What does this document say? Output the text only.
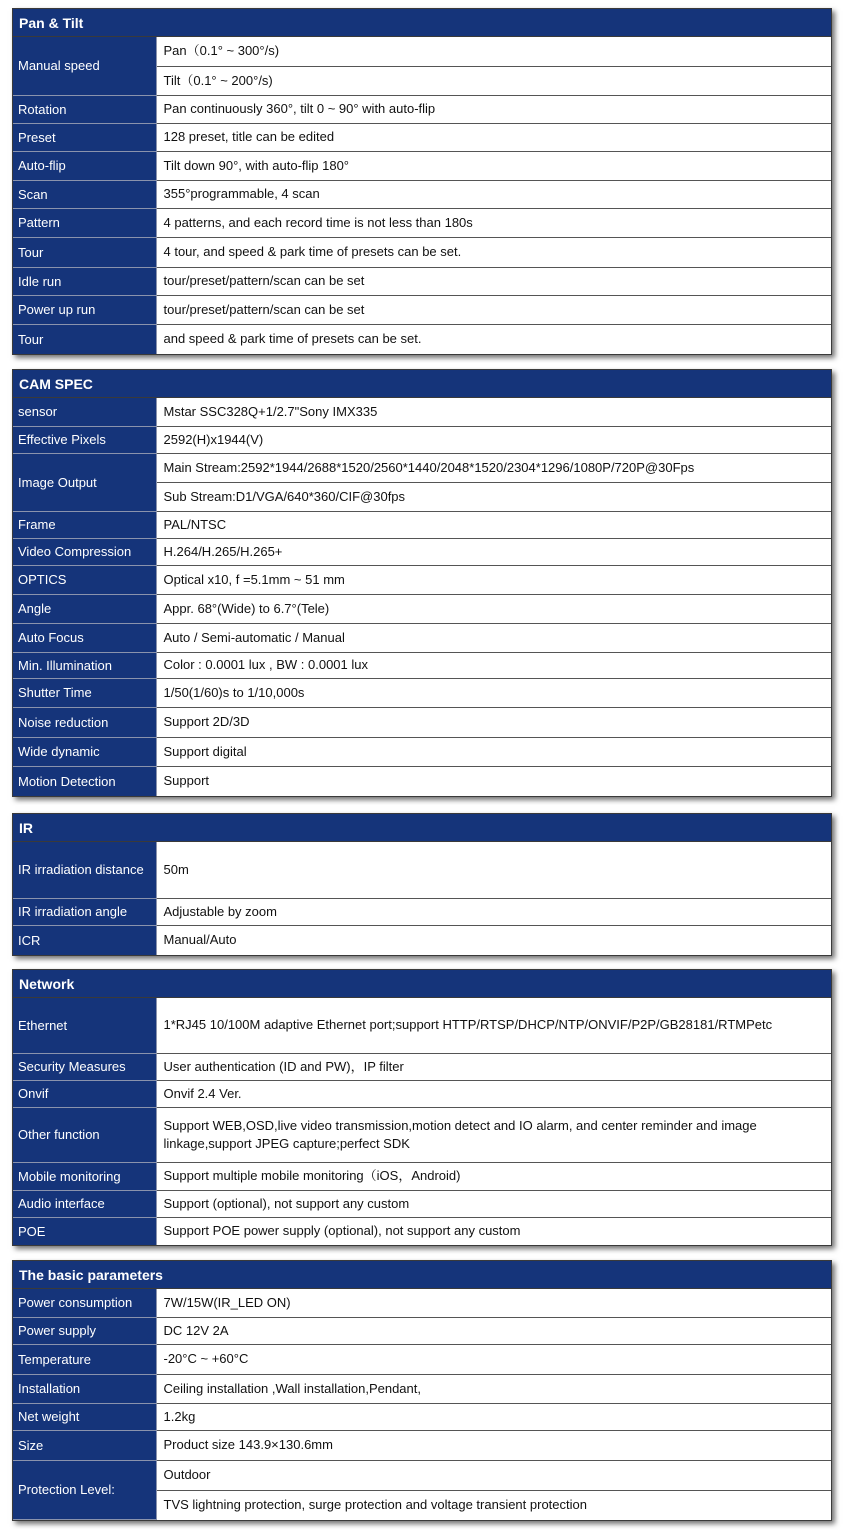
Pan & Tilt
Manual speed	Pan（0.1° ~ 300°/s)
	Tilt（0.1° ~ 200°/s)
Rotation	Pan continuously 360°, tilt 0 ~ 90° with auto-flip
Preset	128 preset, title can be edited
Auto-flip	Tilt down 90°, with auto-flip 180°
Scan	355°programmable, 4 scan
Pattern	4 patterns, and each record time is not less than 180s
Tour	4 tour, and speed & park time of presets can be set.
Idle run	tour/preset/pattern/scan can be set
Power up run	tour/preset/pattern/scan can be set
Tour	and speed & park time of presets can be set.
CAM SPEC
sensor	Mstar SSC328Q+1/2.7"Sony IMX335
Effective Pixels	2592(H)x1944(V)
Image Output	Main Stream:2592*1944/2688*1520/2560*1440/2048*1520/2304*1296/1080P/720P@30Fps
	Sub Stream:D1/VGA/640*360/CIF@30fps
Frame	PAL/NTSC
Video Compression	H.264/H.265/H.265+
OPTICS	Optical x10, f =5.1mm ~ 51 mm
Angle	Appr. 68°(Wide) to 6.7°(Tele)
Auto Focus	Auto / Semi-automatic / Manual
Min. Illumination	Color : 0.0001 lux , BW : 0.0001 lux
Shutter Time	1/50(1/60)s to 1/10,000s
Noise reduction	Support 2D/3D
Wide dynamic	Support digital
Motion Detection	Support
IR
IR irradiation distance	50m
IR irradiation angle	Adjustable by zoom
ICR	Manual/Auto
Network
Ethernet	1*RJ45 10/100M adaptive Ethernet port;support HTTP/RTSP/DHCP/NTP/ONVIF/P2P/GB28181/RTMPetc
Security Measures	User authentication (ID and PW)，IP filter
Onvif	Onvif 2.4 Ver.
Other function	Support WEB,OSD,live video transmission,motion detect and IO alarm, and center reminder and image linkage,support JPEG capture;perfect SDK
Mobile monitoring	Support multiple mobile monitoring（iOS，Android)
Audio interface	Support (optional), not support any custom
POE	Support POE power supply (optional), not support any custom
The basic parameters
Power consumption	7W/15W(IR_LED ON)
Power supply	DC 12V 2A
Temperature	-20°C ~ +60°C
Installation	Ceiling installation ,Wall installation,Pendant,
Net weight	1.2kg
Size	Product size 143.9×130.6mm
Protection Level:	Outdoor
	TVS lightning protection, surge protection and voltage transient protection
